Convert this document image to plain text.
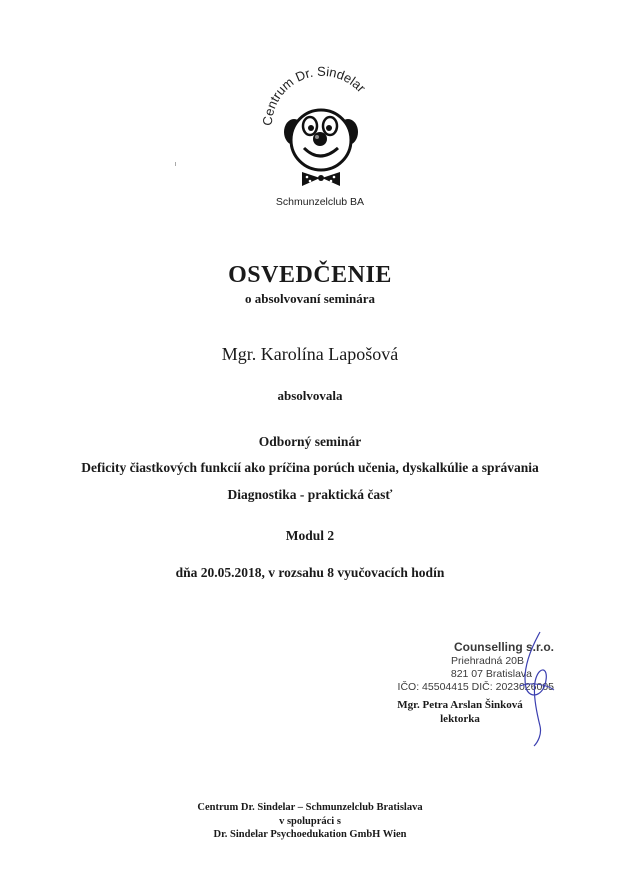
Centrum Dr. Sindelar
Schmunzelclub BA
OSVEDČENIE
o absolvovaní seminára
Mgr. Karolína Lapošová
absolvovala
Odborný seminár
Deficity čiastkových funkcií ako príčina porúch učenia, dyskalkúlie a správania
Diagnostika - praktická časť
Modul 2
dňa 20.05.2018, v rozsahu 8 vyučovacích hodín
Counselling s.r.o.
Priehradná 20B
821 07 Bratislava
IČO: 45504415 DIČ: 2023026005
Mgr. Petra Arslan Šinková
lektorka
Centrum Dr. Sindelar – Schmunzelclub Bratislava
v spolupráci s
Dr. Sindelar Psychoedukation GmbH Wien
